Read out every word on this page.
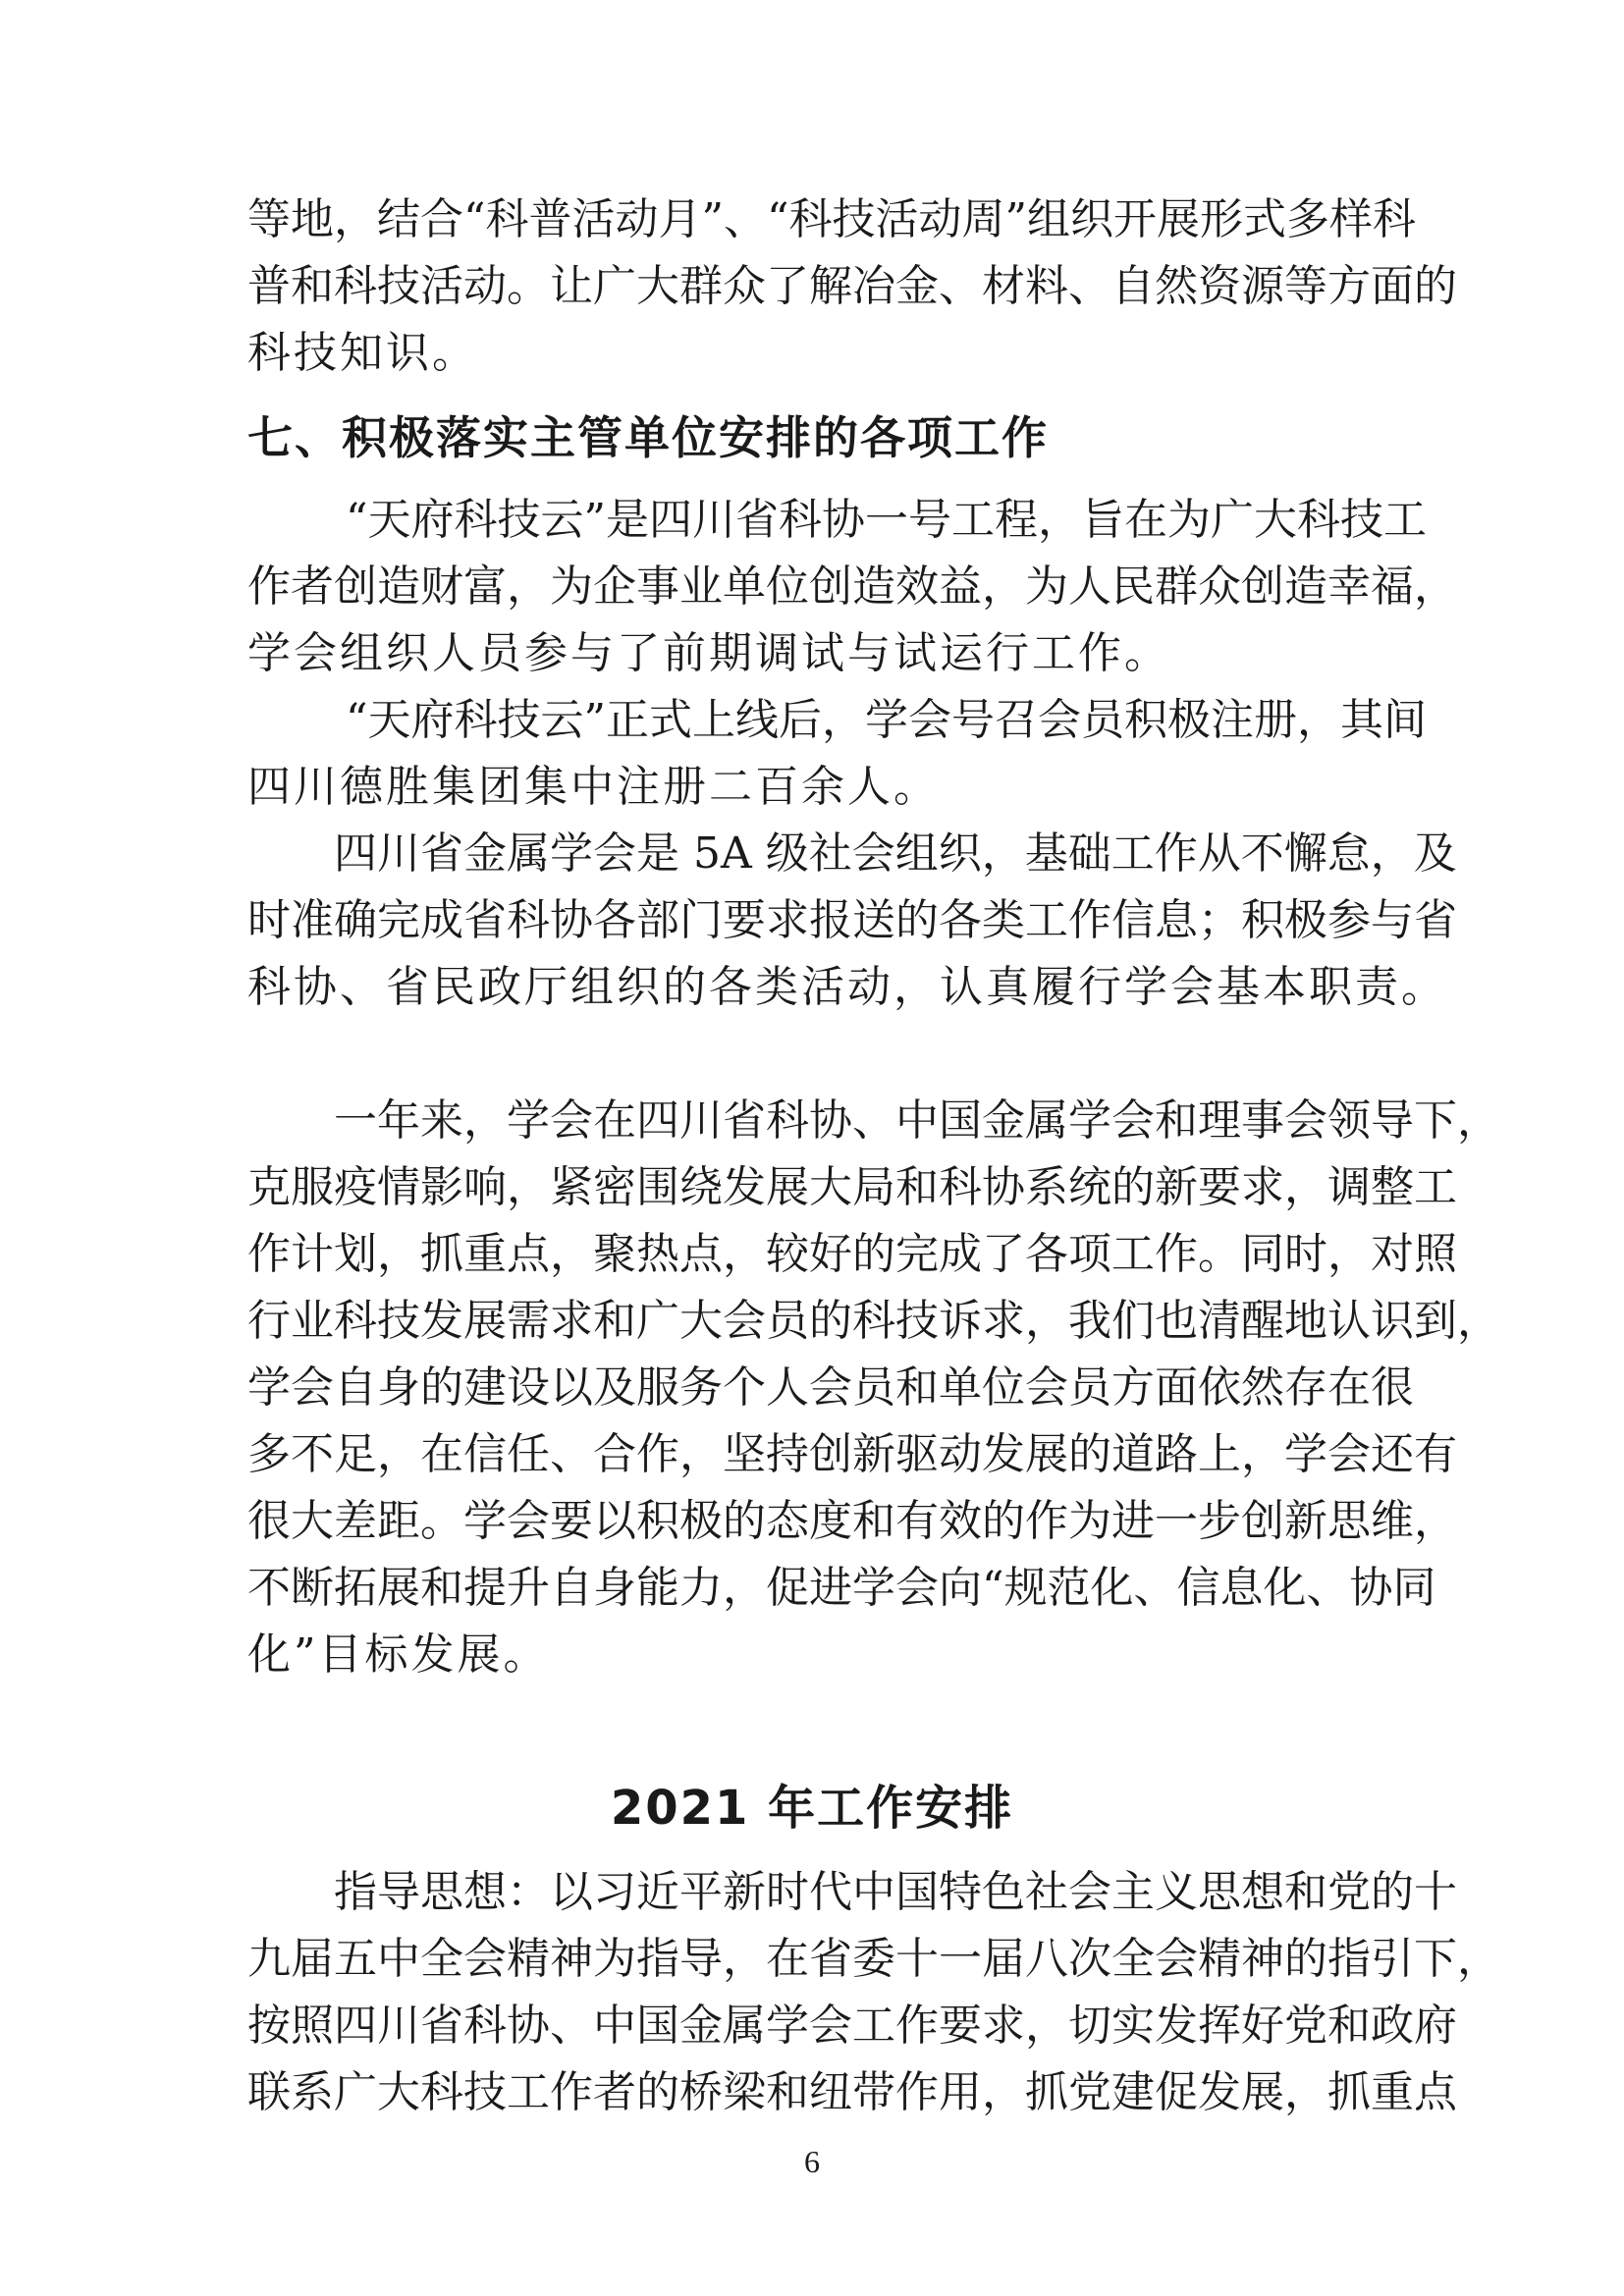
等地，结合“科普活动月”、“科技活动周”组织开展形式多样科
普和科技活动。让广大群众了解冶金、材料、自然资源等方面的
科技知识。
七、积极落实主管单位安排的各项工作
“天府科技云”是四川省科协一号工程，旨在为广大科技工
作者创造财富，为企事业单位创造效益，为人民群众创造幸福，
学会组织人员参与了前期调试与试运行工作。
“天府科技云”正式上线后，学会号召会员积极注册，其间
四川德胜集团集中注册二百余人。
四川省金属学会是 5A 级社会组织，基础工作从不懈怠，及
时准确完成省科协各部门要求报送的各类工作信息；积极参与省
科协、省民政厅组织的各类活动，认真履行学会基本职责。
一年来，学会在四川省科协、中国金属学会和理事会领导下，
克服疫情影响，紧密围绕发展大局和科协系统的新要求，调整工
作计划，抓重点，聚热点，较好的完成了各项工作。同时，对照
行业科技发展需求和广大会员的科技诉求，我们也清醒地认识到，
学会自身的建设以及服务个人会员和单位会员方面依然存在很
多不足，在信任、合作，坚持创新驱动发展的道路上，学会还有
很大差距。学会要以积极的态度和有效的作为进一步创新思维，
不断拓展和提升自身能力，促进学会向“规范化、信息化、协同
化”目标发展。
2021 年工作安排
指导思想：以习近平新时代中国特色社会主义思想和党的十
九届五中全会精神为指导，在省委十一届八次全会精神的指引下，
按照四川省科协、中国金属学会工作要求，切实发挥好党和政府
联系广大科技工作者的桥梁和纽带作用，抓党建促发展，抓重点
6
